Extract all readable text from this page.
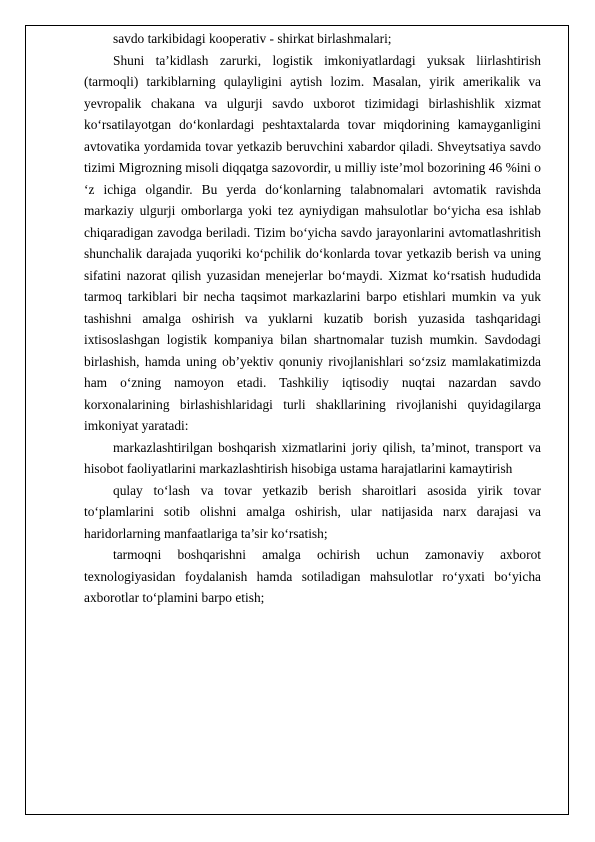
savdo tarkibidagi kooperativ - shirkat birlashmalari;

Shuni ta’kidlash zarurki, logistik imkoniyatlardagi yuksak liirlashtirish (tarmoqli) tarkiblarning qulayligini aytish lozim. Masalan, yirik amerikalik va yevropalik chakana va ulgurji savdo uxborot tizimidagi birlashishlik xizmat ko‘rsatilayotgan do‘konlardagi peshtaxtalarda tovar miqdorining kamayganligini avtovatika yordamida tovar yetkazib beruvchini xabardor qiladi. Shveytsatiya savdo tizimi Migrozning misoli diqqatga sazovordir, u milliy iste’mol bozorining 46 %ini o ‘z ichiga olgandir. Bu yerda do‘konlarning talabnomalari avtomatik ravishda markaziy ulgurji omborlarga yoki tez ayniydigan mahsulotlar bo‘yicha esa ishlab chiqaradigan zavodga beriladi. Tizim bo‘yicha savdo jarayonlarini avtomatlashritish shunchalik darajada yuqoriki ko‘pchilik do‘konlarda tovar yetkazib berish va uning sifatini nazorat qilish yuzasidan menejerlar bo‘maydi. Xizmat ko‘rsatish hududida tarmoq tarkiblari bir necha taqsimot markazlarini barpo etishlari mumkin va yuk tashishni amalga oshirish va yuklarni kuzatib borish yuzasida tashqaridagi ixtisoslashgan logistik kompaniya bilan shartnomalar tuzish mumkin. Savdodagi birlashish, hamda uning ob’yektiv qonuniy rivojlanishlari so‘zsiz mamlakatimizda ham o‘zning namoyon etadi. Tashkiliy iqtisodiy nuqtai nazardan savdo korxonalarining birlashishlaridagi turli shakllarining rivojlanishi quyidagilarga imkoniyat yaratadi:

markazlashtirilgan boshqarish xizmatlarini joriy qilish, ta’minot, transport va hisobot faoliyatlarini markazlashtirish hisobiga ustama harajatlarini kamaytirish

qulay to‘lash va tovar yetkazib berish sharoitlari asosida yirik tovar to‘plamlarini sotib olishni amalga oshirish, ular natijasida narx darajasi va haridorlarning manfaatlariga ta’sir ko‘rsatish;

tarmoqni boshqarishni amalga ochirish uchun zamonaviy axborot texnologiyasidan foydalanish hamda sotiladigan mahsulotlar ro‘yxati bo‘yicha axborotlar to‘plamini barpo etish;
